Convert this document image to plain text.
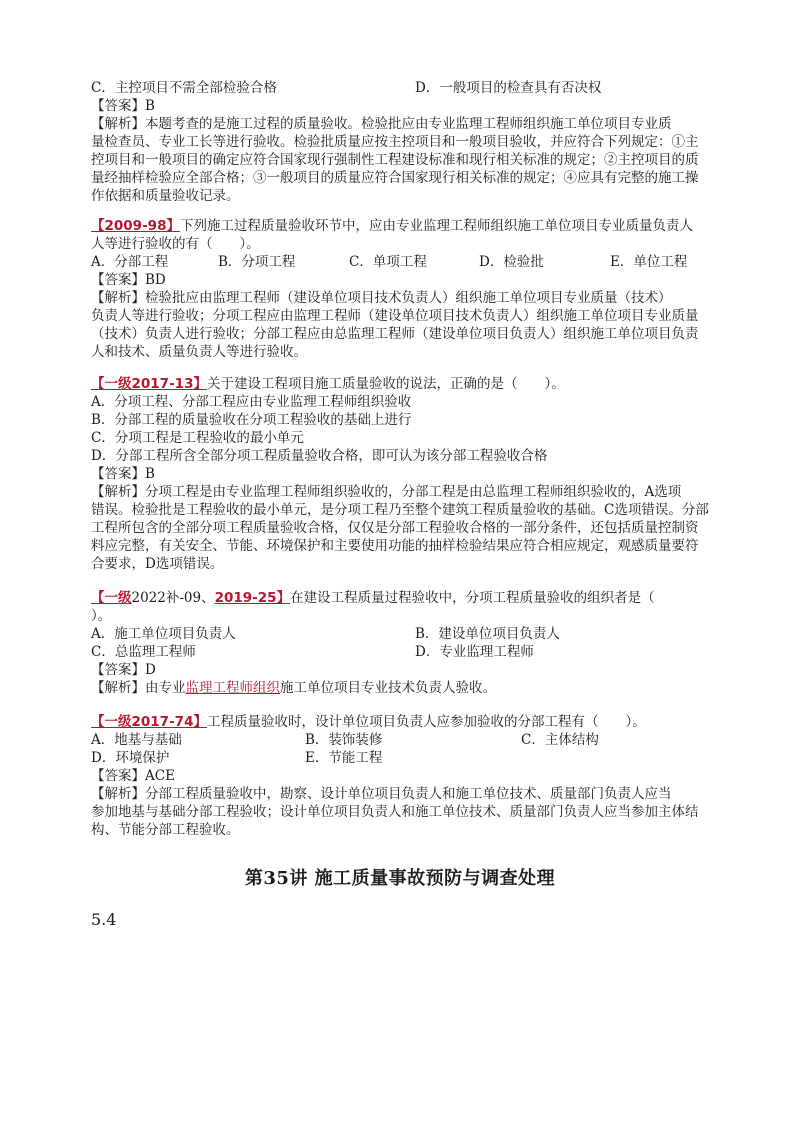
C．主控项目不需全部检验合格	D．一般项目的检查具有否决权
【答案】B
【解析】本题考查的是施工过程的质量验收。检验批应由专业监理工程师组织施工单位项目专业质
量检查员、专业工长等进行验收。检验批质量应按主控项目和一般项目验收，并应符合下列规定：①主
控项目和一般项目的确定应符合国家现行强制性工程建设标准和现行相关标准的规定；②主控项目的质
量经抽样检验应全部合格；③一般项目的质量应符合国家现行相关标准的规定；④应具有完整的施工操
作依据和质量验收记录。
【2009-98】下列施工过程质量验收环节中，应由专业监理工程师组织施工单位项目专业质量负责人
人等进行验收的有（　　）。
A．分部工程	B．分项工程	C．单项工程	D．检验批	E．单位工程
【答案】BD
【解析】检验批应由监理工程师（建设单位项目技术负责人）组织施工单位项目专业质量（技术）
负责人等进行验收；分项工程应由监理工程师（建设单位项目技术负责人）组织施工单位项目专业质量
（技术）负责人进行验收；分部工程应由总监理工程师（建设单位项目负责人）组织施工单位项目负责
人和技术、质量负责人等进行验收。
【一级2017-13】关于建设工程项目施工质量验收的说法，正确的是（　　）。
A．分项工程、分部工程应由专业监理工程师组织验收
B．分部工程的质量验收在分项工程验收的基础上进行
C．分项工程是工程验收的最小单元
D．分部工程所含全部分项工程质量验收合格，即可认为该分部工程验收合格
【答案】B
【解析】分项工程是由专业监理工程师组织验收的，分部工程是由总监理工程师组织验收的，A选项
错误。检验批是工程验收的最小单元，是分项工程乃至整个建筑工程质量验收的基础。C选项错误。分部
工程所包含的全部分项工程质量验收合格，仅仅是分部工程验收合格的一部分条件，还包括质量控制资
料应完整，有关安全、节能、环境保护和主要使用功能的抽样检验结果应符合相应规定，观感质量要符
合要求，D选项错误。
【一级2022补-09、2019-25】在建设工程质量过程验收中，分项工程质量验收的组织者是（
）。
A．施工单位项目负责人	B．建设单位项目负责人
C．总监理工程师	D．专业监理工程师
【答案】D
【解析】由专业监理工程师组织施工单位项目专业技术负责人验收。
【一级2017-74】工程质量验收时，设计单位项目负责人应参加验收的分部工程有（　　）。
A．地基与基础	B．装饰装修	C．主体结构
D．环境保护	E．节能工程
【答案】ACE
【解析】分部工程质量验收中，勘察、设计单位项目负责人和施工单位技术、质量部门负责人应当
参加地基与基础分部工程验收；设计单位项目负责人和施工单位技术、质量部门负责人应当参加主体结
构、节能分部工程验收。
第35讲 施工质量事故预防与调查处理
5.4
